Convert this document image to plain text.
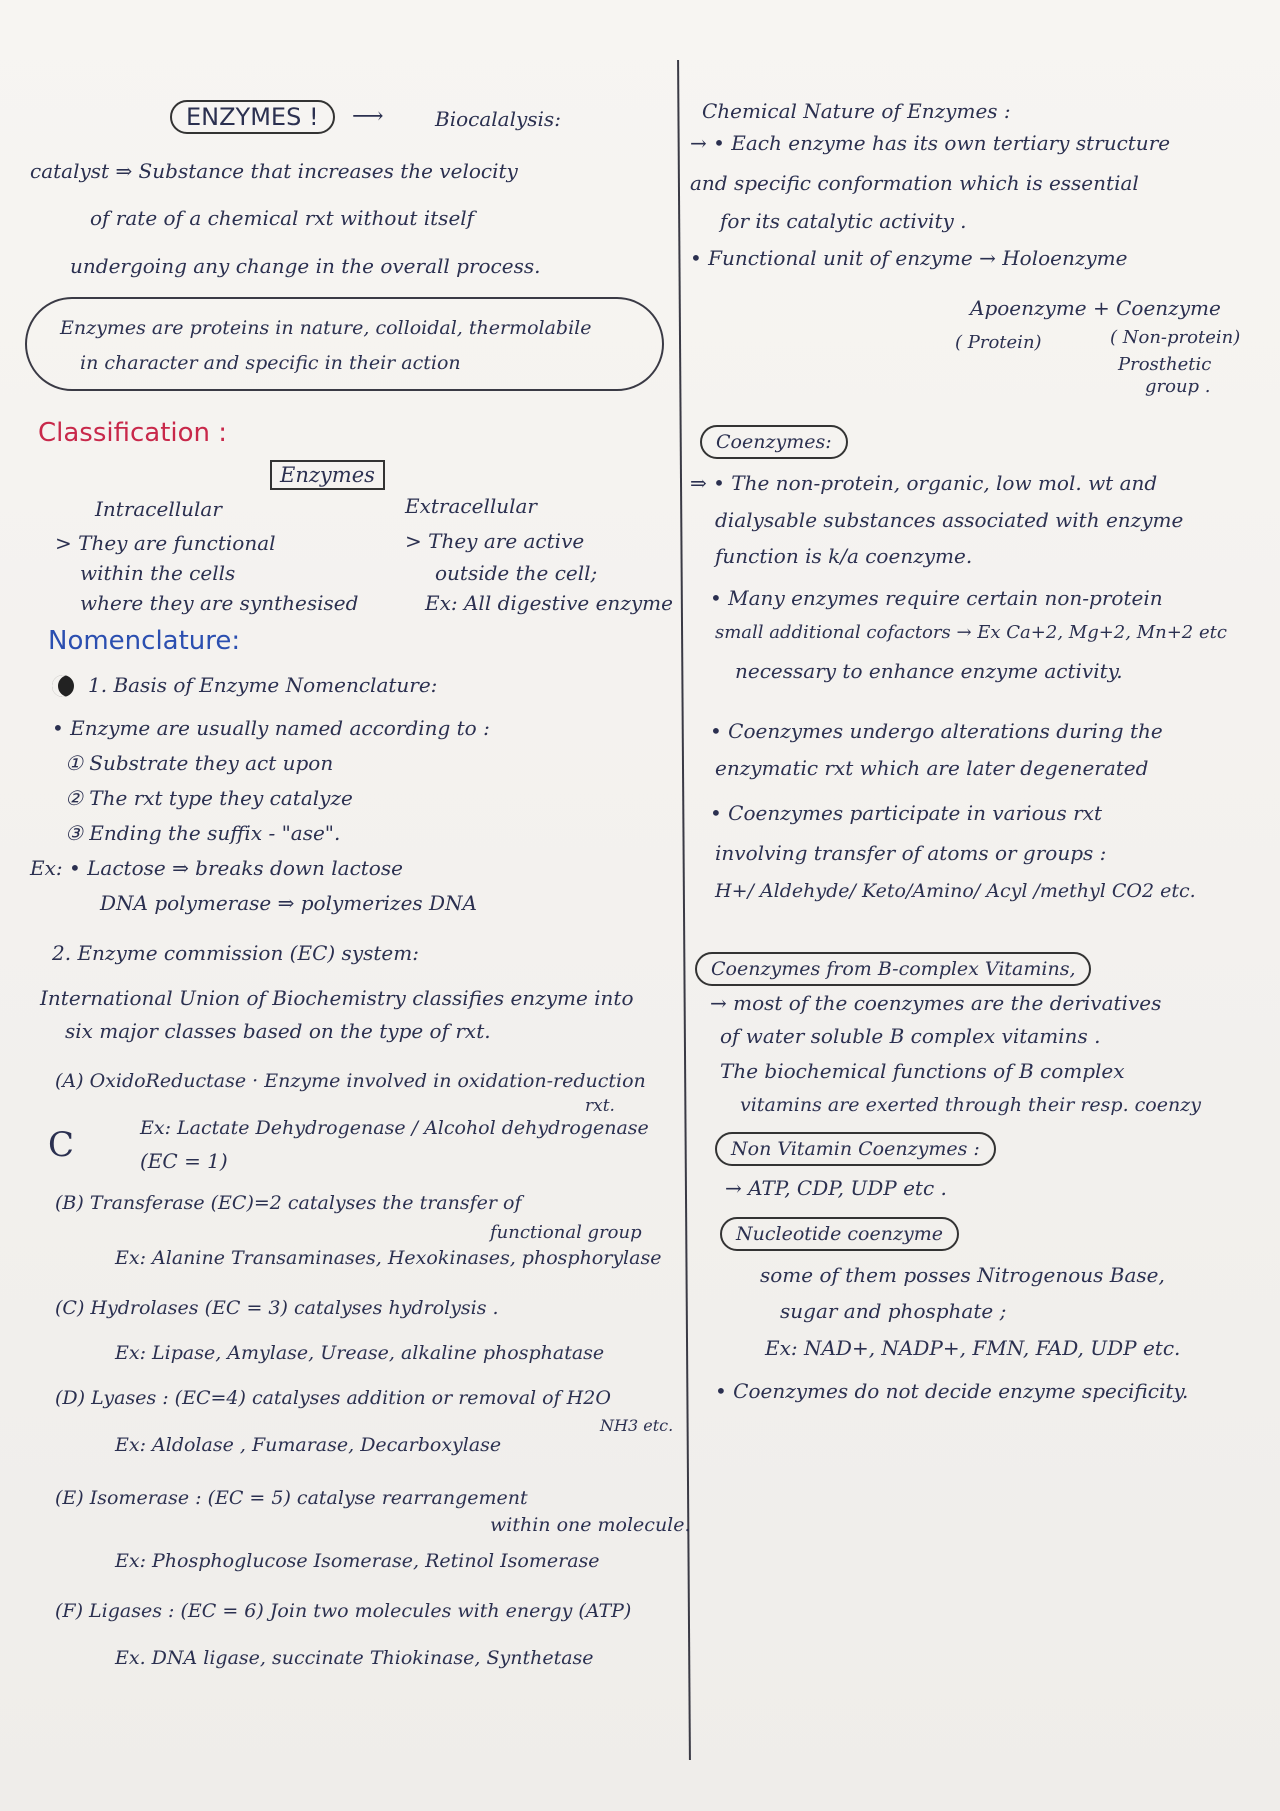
ENZYMES !	⟶	Biocalalysis:
catalyst ⇒ Substance that increases the velocity
of rate of a chemical rxt without itself
undergoing any change in the overall process.
Enzymes are proteins in nature, colloidal, thermolabile
in character and specific in their action
Classification :
Enzymes
Intracellular	Extracellular
> They are functional
within the cells
where they are synthesised
> They are active
outside the cell;
Ex: All digestive enzyme
Nomenclature:
1. Basis of Enzyme Nomenclature:
• Enzyme are usually named according to :
① Substrate they act upon
② The rxt type they catalyze
③ Ending the suffix - "ase".
Ex: • Lactose ⇒ breaks down lactose
DNA polymerase ⇒ polymerizes DNA
2. Enzyme commission (EC) system:
International Union of Biochemistry classifies enzyme into
six major classes based on the type of rxt.
(A) OxidoReductase · Enzyme involved in oxidation-reduction
rxt.
Ex: Lactate Dehydrogenase / Alcohol dehydrogenase
(EC = 1)
C
(B) Transferase (EC)=2 catalyses the transfer of
functional group
Ex: Alanine Transaminases, Hexokinases, phosphorylase
(C) Hydrolases (EC = 3) catalyses hydrolysis .
Ex: Lipase, Amylase, Urease, alkaline phosphatase
(D) Lyases : (EC=4) catalyses addition or removal of H2O
NH3 etc.
Ex: Aldolase , Fumarase, Decarboxylase
(E) Isomerase : (EC = 5) catalyse rearrangement
within one molecule.
Ex: Phosphoglucose Isomerase, Retinol Isomerase
(F) Ligases : (EC = 6) Join two molecules with energy (ATP)
Ex. DNA ligase, succinate Thiokinase, Synthetase
Chemical Nature of Enzymes :
→ • Each enzyme has its own tertiary structure
and specific conformation which is essential
for its catalytic activity .
• Functional unit of enzyme → Holoenzyme
Apoenzyme + Coenzyme
( Protein)	( Non-protein)
Prosthetic
group .
Coenzymes:
⇒ • The non-protein, organic, low mol. wt and
dialysable substances associated with enzyme
function is k/a coenzyme.
• Many enzymes require certain non-protein
small additional cofactors → Ex Ca+2, Mg+2, Mn+2 etc
necessary to enhance enzyme activity.
• Coenzymes undergo alterations during the
enzymatic rxt which are later degenerated
• Coenzymes participate in various rxt
involving transfer of atoms or groups :
H+/ Aldehyde/ Keto/Amino/ Acyl /methyl CO2 etc.
Coenzymes from B-complex Vitamins,
→ most of the coenzymes are the derivatives
of water soluble B complex vitamins .
The biochemical functions of B complex
vitamins are exerted through their resp. coenzy
Non Vitamin Coenzymes :
→ ATP, CDP, UDP etc .
Nucleotide coenzyme
some of them posses Nitrogenous Base,
sugar and phosphate ;
Ex: NAD+, NADP+, FMN, FAD, UDP etc.
• Coenzymes do not decide enzyme specificity.
